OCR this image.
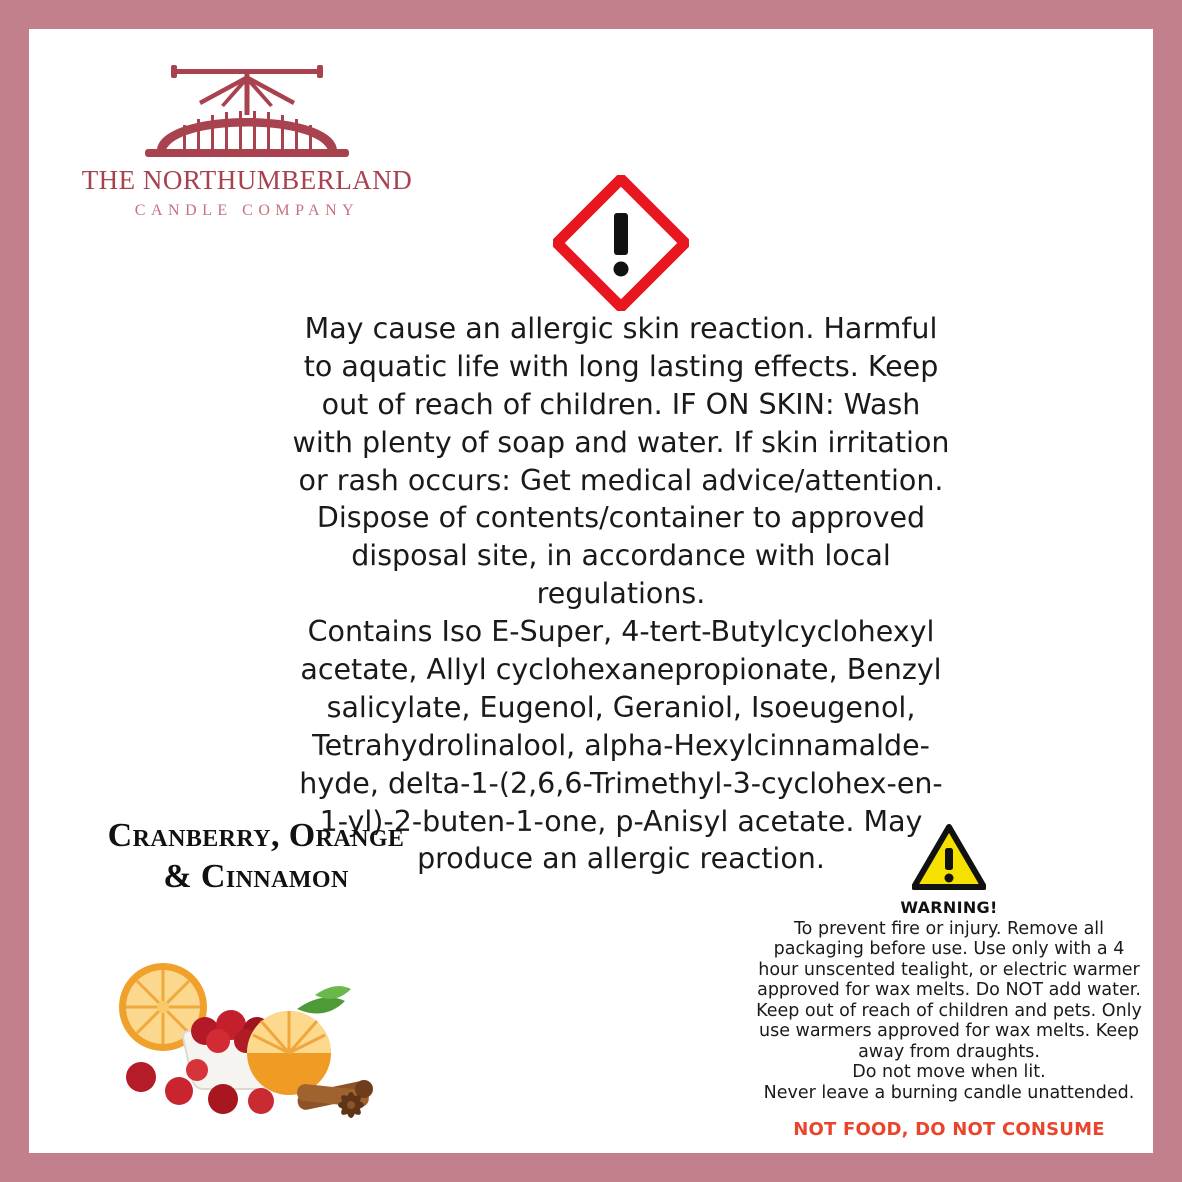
THE NORTHUMBERLAND
CANDLE COMPANY

May cause an allergic skin reaction. Harmful to aquatic life with long lasting effects. Keep out of reach of children. IF ON SKIN: Wash with plenty of soap and water. If skin irritation or rash occurs: Get medical advice/attention. Dispose of contents/container to approved disposal site, in accordance with local regulations.

Contains Iso E-Super, 4-tert-Butylcyclohexyl acetate, Allyl cyclohexanepropionate, Benzyl salicylate, Eugenol, Geraniol, Isoeugenol, Tetrahydrolinalool, alpha-Hexylcinnamalde-hyde, delta-1-(2,6,6-Trimethyl-3-cyclohex-en-1-yl)-2-buten-1-one, p-Anisyl acetate. May produce an allergic reaction.

Cranberry, Orange & Cinnamon
WARNING!

To prevent fire or injury. Remove all packaging before use. Use only with a 4 hour unscented tealight, or electric warmer approved for wax melts. Do NOT add water. Keep out of reach of children and pets. Only use warmers approved for wax melts. Keep away from draughts.

Do not move when lit.

Never leave a burning candle unattended.

NOT FOOD, DO NOT CONSUME
